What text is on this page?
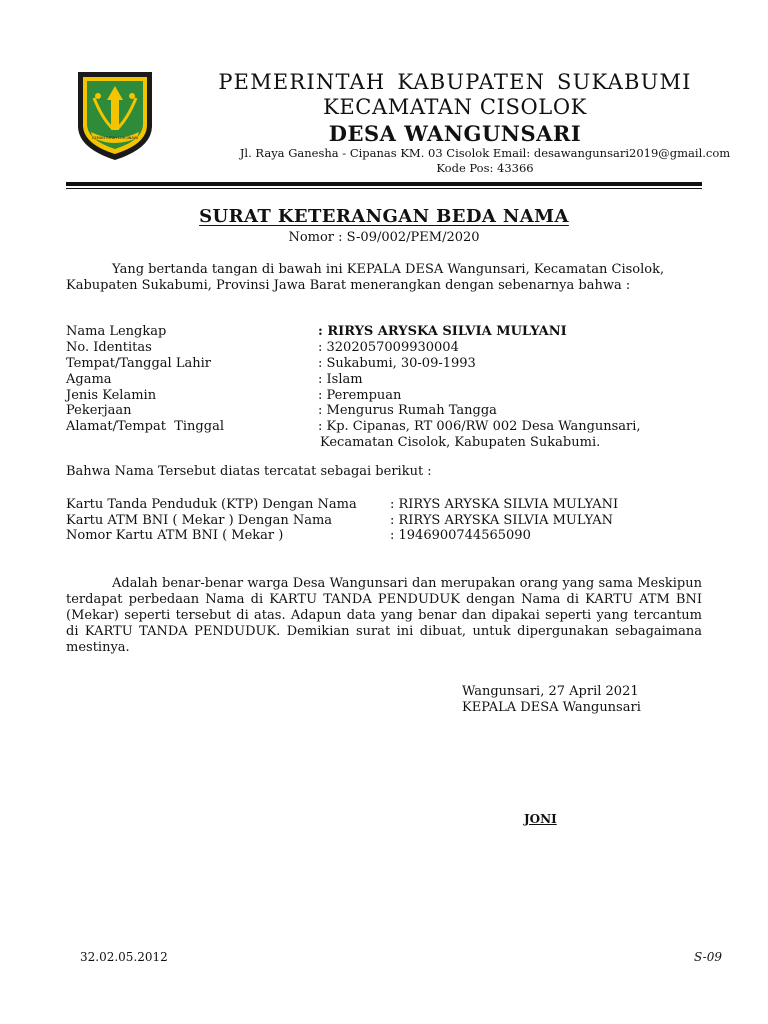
GEMAH RIPAH LOH JINAWI
PEMERINTAH KABUPATEN SUKABUMI
KECAMATAN CISOLOK
DESA WANGUNSARI
Jl. Raya Ganesha - Cipanas KM. 03 Cisolok Email: desawangunsari2019@gmail.com
Kode Pos: 43366
SURAT KETERANGAN BEDA NAMA
Nomor : S-09/002/PEM/2020
Yang bertanda tangan di bawah ini KEPALA DESA Wangunsari, Kecamatan Cisolok,
Kabupaten Sukabumi, Provinsi Jawa Barat menerangkan dengan sebenarnya bahwa :
Nama Lengkap	: RIRYS ARYSKA SILVIA MULYANI
No. Identitas	: 3202057009930004
Tempat/Tanggal Lahir	: Sukabumi, 30-09-1993
Agama	: Islam
Jenis Kelamin	: Perempuan
Pekerjaan	: Mengurus Rumah Tangga
Alamat/Tempat  Tinggal	: Kp. Cipanas, RT 006/RW 002 Desa Wangunsari,
Kecamatan Cisolok, Kabupaten Sukabumi.
Bahwa Nama Tersebut diatas tercatat sebagai berikut :
Kartu Tanda Penduduk (KTP) Dengan Nama	: RIRYS ARYSKA SILVIA MULYANI
Kartu ATM BNI ( Mekar ) Dengan Nama	: RIRYS ARYSKA SILVIA MULYAN
Nomor Kartu ATM BNI ( Mekar )	: 1946900744565090
Adalah benar-benar warga Desa Wangunsari dan merupakan orang yang sama Meskipun terdapat perbedaan Nama di KARTU TANDA PENDUDUK dengan Nama di KARTU ATM BNI (Mekar) seperti tersebut di atas. Adapun data yang benar dan dipakai seperti yang tercantum di KARTU TANDA PENDUDUK. Demikian surat ini dibuat, untuk dipergunakan sebagaimana mestinya.
Wangunsari, 27 April 2021
KEPALA DESA Wangunsari
JONI
32.02.05.2012	S-09
